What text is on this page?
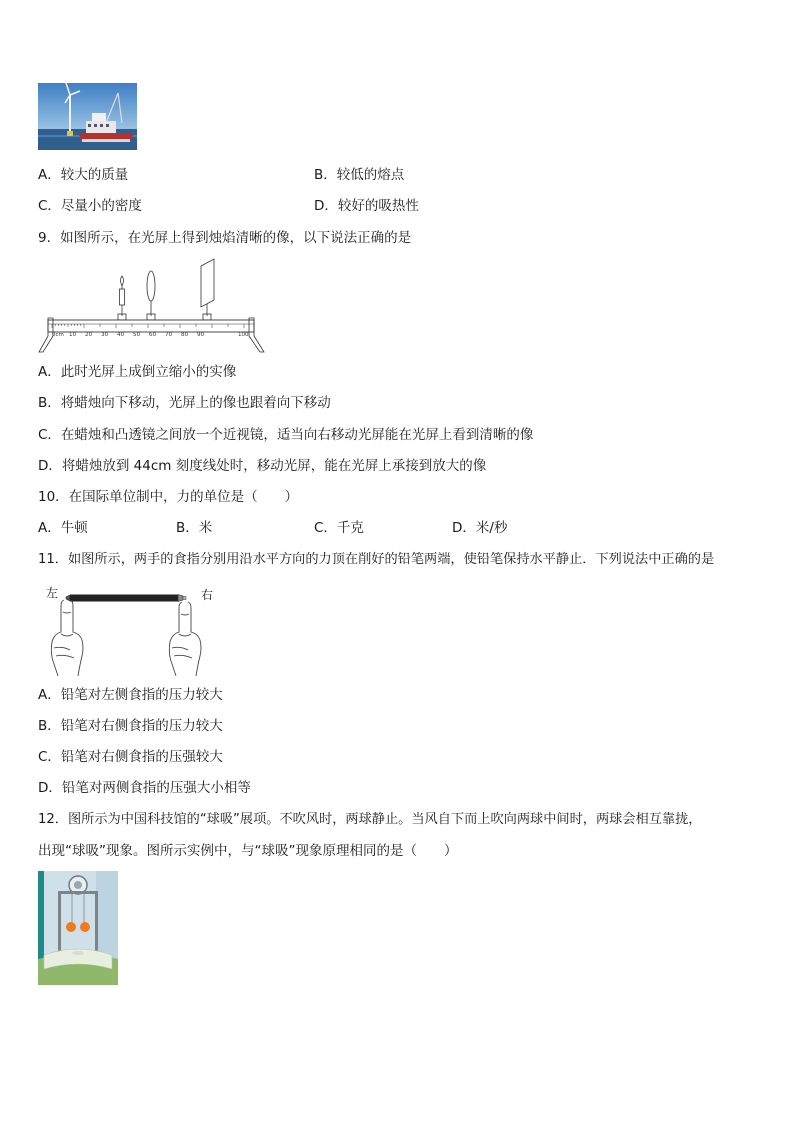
A．较大的质量	B．较低的熔点
C．尽量小的密度	D．较好的吸热性
9．如图所示，在光屏上得到烛焰清晰的像，以下说法正确的是
0cm 10 20 30 40 50 60 70 80 90	100
A．此时光屏上成倒立缩小的实像
B．将蜡烛向下移动，光屏上的像也跟着向下移动
C．在蜡烛和凸透镜之间放一个近视镜，适当向右移动光屏能在光屏上看到清晰的像
D．将蜡烛放到 44cm 刻度线处时，移动光屏，能在光屏上承接到放大的像
10．在国际单位制中，力的单位是（　　）
A．牛顿	B．米	C．千克	D．米/秒
11．如图所示，两手的食指分别用沿水平方向的力顶在削好的铅笔两端，使铅笔保持水平静止．下列说法中正确的是
左	右
A．铅笔对左侧食指的压力较大
B．铅笔对右侧食指的压力较大
C．铅笔对右侧食指的压强较大
D．铅笔对两侧食指的压强大小相等
12．图所示为中国科技馆的“球吸”展项。不吹风时，两球静止。当风自下而上吹向两球中间时，两球会相互靠拢，
出现“球吸”现象。图所示实例中，与“球吸”现象原理相同的是（　　）
